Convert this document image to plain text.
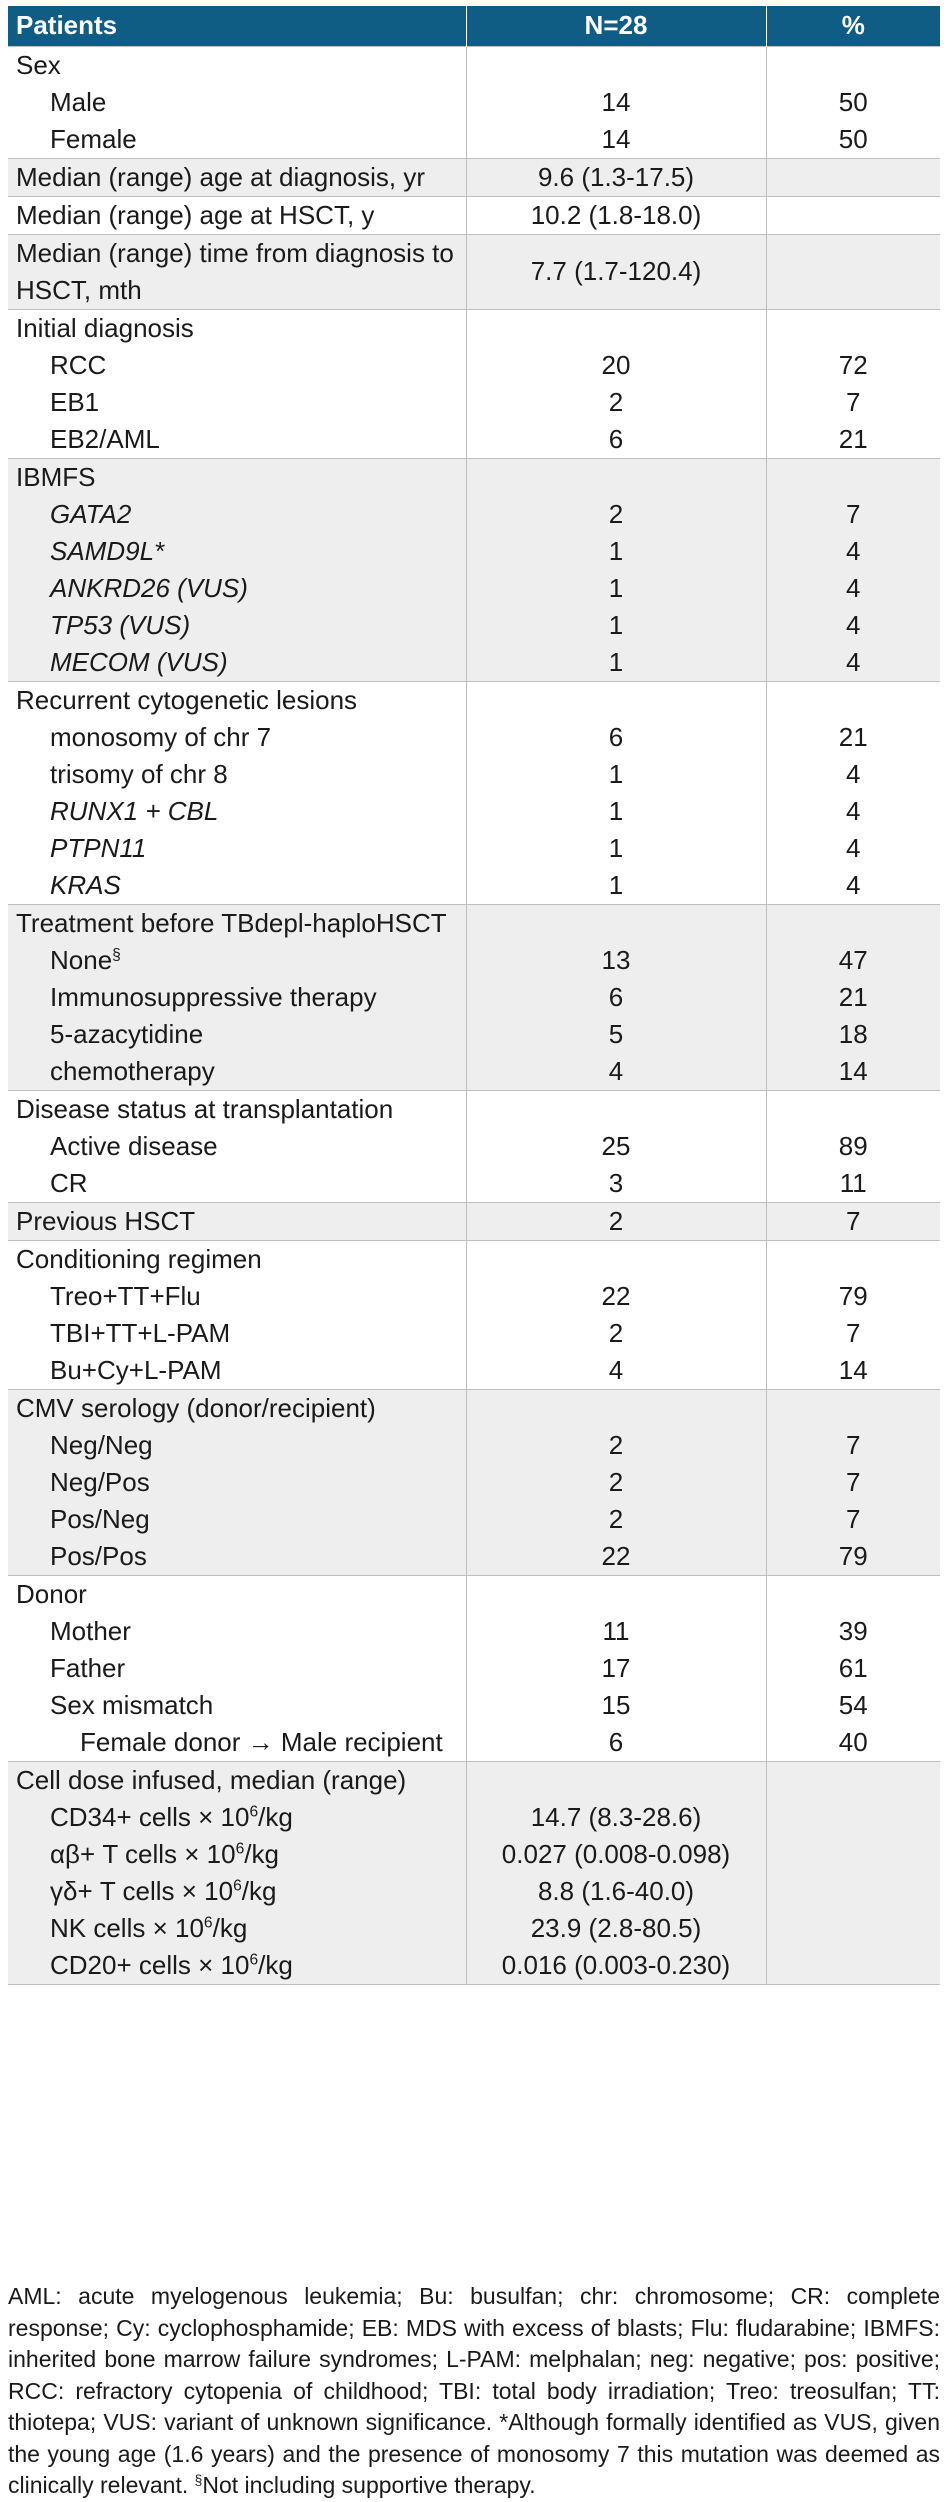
Patients	N=28	%
Sex		
Male	14	50
Female	14	50
Median (range) age at diagnosis, yr	9.6 (1.3-17.5)	
Median (range) age at HSCT, y	10.2 (1.8-18.0)	
Median (range) time from diagnosis to HSCT, mth	7.7 (1.7-120.4)	
Initial diagnosis		
RCC	20	72
EB1	2	7
EB2/AML	6	21
IBMFS		
GATA2	2	7
SAMD9L*	1	4
ANKRD26 (VUS)	1	4
TP53 (VUS)	1	4
MECOM (VUS)	1	4
Recurrent cytogenetic lesions		
monosomy of chr 7	6	21
trisomy of chr 8	1	4
RUNX1 + CBL	1	4
PTPN11	1	4
KRAS	1	4
Treatment before TBdepl-haploHSCT		
None§	13	47
Immunosuppressive therapy	6	21
5-azacytidine	5	18
chemotherapy	4	14
Disease status at transplantation		
Active disease	25	89
CR	3	11
Previous HSCT	2	7
Conditioning regimen		
Treo+TT+Flu	22	79
TBI+TT+L-PAM	2	7
Bu+Cy+L-PAM	4	14
CMV serology (donor/recipient)		
Neg/Neg	2	7
Neg/Pos	2	7
Pos/Neg	2	7
Pos/Pos	22	79
Donor		
Mother	11	39
Father	17	61
Sex mismatch	15	54
Female donor → Male recipient	6	40
Cell dose infused, median (range)		
CD34+ cells × $10^6/kg$	14.7 (8.3-28.6)	
αβ+ T cells × $10^6/kg$	0.027 (0.008-0.098)	
γδ+ T cells × $10^6/kg$	8.8 (1.6-40.0)	
NK cells × $10^6/kg$	23.9 (2.8-80.5)	
CD20+ cells × $10^6/kg$	0.016 (0.003-0.230)	

AML: acute myelogenous leukemia; Bu: busulfan; chr: chromosome; CR: complete response; Cy: cyclophosphamide; EB: MDS with excess of blasts; Flu: fludarabine; IBMFS: inherited bone marrow failure syndromes; L-PAM: melphalan; neg: negative; pos: positive; RCC: refractory cytopenia of childhood; TBI: total body irradiation; Treo: treosulfan; TT: thiotepa; VUS: variant of unknown significance. *Although formally identified as VUS, given the young age (1.6 years) and the presence of monosomy 7 this mutation was deemed as clinically relevant. §Not including supportive therapy.
